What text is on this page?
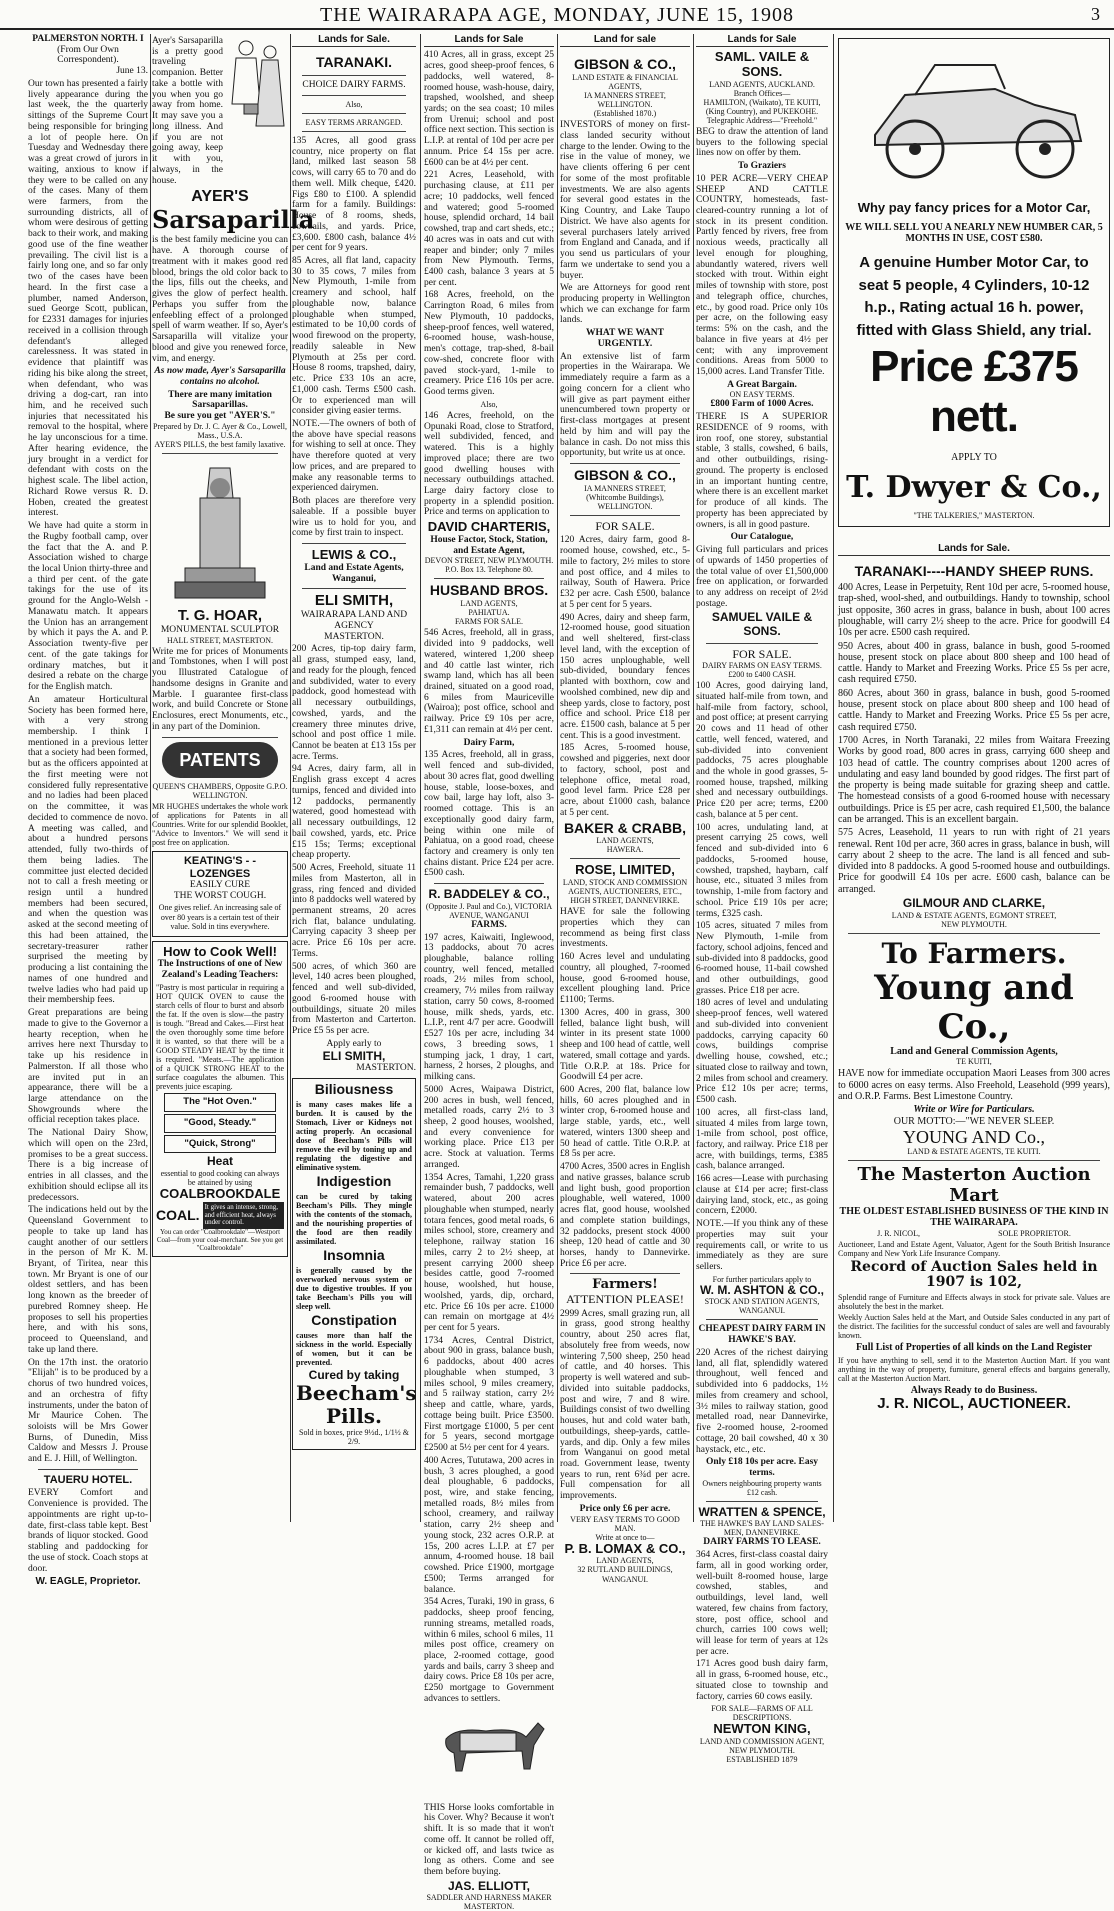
THE WAIRARAPA AGE, MONDAY, JUNE 15, 1908	3
PALMERSTON NORTH. I
(From Our Own Correspondent).
June 13.

Our town has presented a fairly lively appearance during the last week, the the quarterly sittings of the Supreme Court being responsible for bringing a lot of people here. On Tuesday and Wednesday there was a great crowd of jurors in waiting, anxious to know if they were to be called on any of the cases. Many of them were farmers, from the surrounding districts, all of whom were desirous of getting back to their work, and making good use of the fine weather prevailing. The civil list is a fairly long one, and so far only two of the cases have been heard. In the first case a plumber, named Anderson, sued George Scott, publican, for £2331 damages for injuries received in a collision through defendant's alleged carelessness. It was stated in evidence that plaintiff was riding his bike along the street, when defendant, who was driving a dog-cart, ran into him, and he received such injuries that necessitated his removal to the hospital, where he lay unconscious for a time. After hearing evidence, the jury brought in a verdict for defendant with costs on the highest scale. The libel action, Richard Rowe versus R. D. Hoben, created the greatest interest.

We have had quite a storm in the Rugby football camp, over the fact that the A. and P. Association wished to charge the local Union thirty-three and a third per cent. of the gate takings for the use of its ground for the Anglo-Welsh - Manawatu match. It appears the Union has an arrangement by which it pays the A. and P. Association twenty-five per cent. of the gate takings for ordinary matches, but it desired a rebate on the charge for the English match.

An amateur Horticultural Society has been formed here, with a very strong membership. I think I mentioned in a previous letter that a society had been formed, but as the officers appointed at the first meeting were not considered fully representative and no ladies had been placed on the committee, it was decided to commence de novo. A meeting was called, and about a hundred persons attended, fully two-thirds of them being ladies. The committee just elected decided not to call a fresh meeting or resign until a hundred members had been secured, and when the question was asked at the second meeting of this had been attained, the secretary-treasurer rather surprised the meeting by producing a list containing the names of one hundred and twelve ladies who had paid up their membership fees.

Great preparations are being made to give to the Governor a hearty reception, when he arrives here next Thursday to take up his residence in Palmerston. If all those who are invited put in an appearance, there will be a large attendance on the Showgrounds where the official reception takes place.

The National Dairy Show, which will open on the 23rd, promises to be a great success. There is a big increase of entries in all classes, and the exhibition should eclipse all its predecessors.

The indications held out by the Queensland Government to people to take up land has caught another of our settlers in the person of Mr K. M. Bryant, of Tiritea, near this town. Mr Bryant is one of our oldest settlers, and has been long known as the breeder of purebred Romney sheep. He proposes to sell his properties here, and with his sons, proceed to Queensland, and take up land there.

On the 17th inst. the oratorio "Elijah" is to be produced by a chorus of two hundred voices, and an orchestra of fifty instruments, under the baton of Mr Maurice Cohen. The soloists will be Mrs Gower Burns, of Dunedin, Miss Caldow and Messrs J. Prouse and E. J. Hill, of Wellington.

TAUERU HOTEL.

EVERY Comfort and Convenience is provided. The appointments are right up-to-date, first-class table kept. Best brands of liquor stocked. Good stabling and paddocking for the use of stock. Coach stops at door.

W. EAGLE, Proprietor.

Ayer's Sarsaparilla is a pretty good traveling companion. Better take a bottle with you when you go away from home. It may save you a long illness. And if you are not going away, keep it with you, always, in the house.

AYER'S
Sarsaparilla

is the best family medicine you can have. A thorough course of treatment with it makes good red blood, brings the old color back to the lips, fills out the cheeks, and gives the glow of perfect health. Perhaps you suffer from the enfeebling effect of a prolonged spell of warm weather. If so, Ayer's Sarsaparilla will vitalize your blood and give you renewed force, vim, and energy.

As now made, Ayer's Sarsaparilla contains no alcohol.

There are many imitation Sarsaparillas.
Be sure you get "AYER'S."
Prepared by Dr. J. C. Ayer & Co., Lowell, Mass., U.S.A.
AYER'S PILLS, the best family laxative.
T. G. HOAR,
MONUMENTAL SCULPTOR
HALL STREET, MASTERTON.

Write me for prices of Monuments and Tombstones, when I will post you Illustrated Catalogue of handsome designs in Granite and Marble. I guarantee first-class work, and build Concrete or Stone Enclosures, erect Monuments, etc., in any part of the Dominion.

PATENTS
QUEEN'S CHAMBERS, Opposite G.P.O. WELLINGTON.

MR HUGHES undertakes the whole work of applications for Patents in all Countries. Write for our splendid Booklet, "Advice to Inventors." We will send it post free on application.

KEATING'S - - LOZENGES
EASILY CURE
THE WORST COUGH.

One gives relief. An increasing sale of over 80 years is a certain test of their value. Sold in tins everywhere.

How to Cook Well!
The Instructions of one of New Zealand's Leading Teachers:

"Pastry is most particular in requiring a HOT QUICK OVEN to cause the starch cells of flour to burst and absorb the fat. If the oven is slow—the pastry is tough. "Bread and Cakes.—First heat the oven thoroughly some time before it is wanted, so that there will be a GOOD STEADY HEAT by the time it is required. "Meats.—The application of a QUICK STRONG HEAT to the surface coagulates the albumen. This prevents juice escaping.

The "Hot Oven."
"Good, Steady."
"Quick, Strong"
Heat
essential to good cooking can always be attained by using
COALBROOKDALE
COAL. It gives an intense, strong, and efficient heat, always under control.
You can order "Coalbrookdale"—Westport Coal—from your coal-merchant. See you get "Coalbrookdale"
Lands for Sale.
TARANAKI.
CHOICE DAIRY FARMS.
Also,
EASY TERMS ARRANGED.

135 Acres, all good grass country, nice property on flat land, milked last season 58 cows, will carry 65 to 70 and do them well. Milk cheque, £420. Figs £80 to £100. A splendid farm for a family. Buildings: House of 8 rooms, sheds, cowbails, and yards. Price, £3,600. £800 cash, balance 4½ per cent for 9 years.

85 Acres, all flat land, capacity 30 to 35 cows, 7 miles from New Plymouth, 1-mile from creamery and school, half ploughable now, balance ploughable when stumped, estimated to be 10,00 cords of wood firewood on the property, readily saleable in New Plymouth at 25s per cord. House 8 rooms, trapshed, dairy, etc. Price £33 10s an acre, £1,000 cash. Terms £500 cash. Or to experienced man will consider giving easier terms.

NOTE.—The owners of both of the above have special reasons for wishing to sell at once. They have therefore quoted at very low prices, and are prepared to make any reasonable terms to experienced dairymen.

Both places are therefore very saleable. If a possible buyer wire us to hold for you, and come by first train to inspect.

LEWIS & CO.,
Land and Estate Agents,
Wanganui,
ELI SMITH,
WAIRARAPA LAND AND AGENCY
MASTERTON.

200 Acres, tip-top dairy farm, all grass, stumped easy, land, and ready for the plough, fenced and subdivided, water to every paddock, good homestead with all necessary outbuildings, cowshed, yards, and the creamery three minutes drive, school and post office 1 mile. Cannot be beaten at £13 15s per acre. Terms.

94 Acres, dairy farm, all in English grass except 4 acres turnips, fenced and divided into 12 paddocks, permanently watered, good homestead with all necessary outbuildings, 12 bail cowshed, yards, etc. Price £15 15s; Terms; exceptional cheap property.

500 Acres, Freehold, situate 11 miles from Masterton, all in grass, ring fenced and divided into 8 paddocks well watered by permanent streams, 20 acres rich flat, balance undulating. Carrying capacity 3 sheep per acre. Price £6 10s per acre. Terms.

500 acres, of which 360 are level, 140 acres been ploughed, fenced and well sub-divided, good 6-roomed house with outbuildings, situate 20 miles from Masterton and Carterton. Price £5 5s per acre.

Apply early to
ELI SMITH,
MASTERTON.
Biliousness

is many cases makes life a burden. It is caused by the Stomach, Liver or Kidneys not acting properly. An occasional dose of Beecham's Pills will remove the evil by toning up and regulating the digestive and eliminative system.

Indigestion

can be cured by taking Beecham's Pills. They mingle with the contents of the stomach, and the nourishing properties of the food are then readily assimilated.

Insomnia

is generally caused by the overworked nervous system or due to digestive troubles. If you take Beecham's Pills you will sleep well.

Constipation

causes more than half the sickness in the world. Especially of women, but it can be prevented.

Cured by taking
Beecham's
Pills.
Sold in boxes, price 9½d., 1/1½ & 2/9.
Lands for Sale

410 Acres, all in grass, except 25 acres, good sheep-proof fences, 6 paddocks, well watered, 8-roomed house, wash-house, dairy, trapshed, woolshed, and sheep yards; on the sea coast; 10 miles from Urenui; school and post office next section. This section is L.I.P. at rental of 10d per acre per annum. Price £4 15s per acre. £600 can be at 4½ per cent.

221 Acres, Leasehold, with purchasing clause, at £11 per acre; 10 paddocks, well fenced and watered; good 5-roomed house, splendid orchard, 14 bail cowshed, trap and cart sheds, etc.; 40 acres was in oats and cut with reaper and binder; only 7 miles from New Plymouth. Terms, £400 cash, balance 3 years at 5 per cent.

168 Acres, freehold, on the Carrington Road, 6 miles from New Plymouth, 10 paddocks, sheep-proof fences, well watered, 6-roomed house, wash-house, men's cottage, trap-shed, 8-bail cow-shed, concrete floor with paved stock-yard, 1-mile to creamery. Price £16 10s per acre. Good terms given.

Also,

146 Acres, freehold, on the Opunaki Road, close to Stratford, well subdivided, fenced, and watered. This is a highly improved place; there are two good dwelling houses with necessary outbuildings attached. Large dairy factory close to property in a splendid position. Price and terms on application to

DAVID CHARTERIS,
House Factor, Stock, Station, and Estate Agent,
DEVON STREET, NEW PLYMOUTH.
P.O. Box 13. Telephone 80.
HUSBAND BROS.
LAND AGENTS,
PAHIATUA.
FARMS FOR SALE.

546 Acres, freehold, all in grass, divided into 9 paddocks, well watered, wintered 1,200 sheep and 40 cattle last winter, rich swamp land, which has all been drained, situated on a good road, 6 miles from Mauriceville (Wairoa); post office, school and railway. Price £9 10s per acre, £1,311 can remain at 4½ per cent.

Dairy Farm,

135 Acres, freehold, all in grass, well fenced and sub-divided, about 30 acres flat, good dwelling house, stable, loose-boxes, and cow bail, large hay loft, also 3-roomed cottage. This is an exceptionally good dairy farm, being within one mile of Pahiatua, on a good road, cheese factory and creamery is only ten chains distant. Price £24 per acre. £500 cash.

R. BADDELEY & CO.,
(Opposite J. Paul and Co.), VICTORIA AVENUE, WANGANUI
FARMS.

197 acres, Kaiwaiti, Inglewood, 13 paddocks, about 70 acres ploughable, balance rolling country, well fenced, metalled roads, 2½ miles from school, creamery, 7½ miles from railway station, carry 50 cows, 8-roomed house, milk sheds, yards, etc. L.I.P., rent 4/7 per acre. Goodwill £527 10s per acre, including 34 cows, 3 breeding sows, 1 stumping jack, 1 dray, 1 cart, harness, 2 horses, 2 ploughs, and milking cans.

5000 Acres, Waipawa District, 200 acres in bush, well fenced, metalled roads, carry 2½ to 3 sheep, 2 good houses, woolshed, and every convenience for working place. Price £13 per acre. Stock at valuation. Terms arranged.

1354 Acres, Tamahi, 1,220 grass remainder bush, 7 paddocks, well watered, about 200 acres ploughable when stumped, nearly totara fences, good metal roads, 6 miles school, store, creamery and telephone, railway station 16 miles, carry 2 to 2½ sheep, at present carrying 2000 sheep besides cattle, good 7-roomed house, woolshed, hut house, woolshed, yards, dip, orchard, etc. Price £6 10s per acre. £1000 can remain on mortgage at 4½ per cent for 5 years.

1734 Acres, Central District, about 900 in grass, balance bush, 6 paddocks, about 400 acres ploughable when stumped, 3 miles school, 9 miles creamery, and 5 railway station, carry 2½ sheep and cattle, whare, yards, cottage being built. Price £3500. First mortgage £1000, 5 per cent for 5 years, second mortgage £2500 at 5½ per cent for 4 years.

400 Acres, Tututawa, 200 acres in bush, 3 acres ploughed, a good deal ploughable, 6 paddocks, post, wire, and stake fencing, metalled roads, 8½ miles from school, creamery, and railway station, carry 2½ sheep and young stock, 232 acres O.R.P. at 15s, 200 acres L.I.P. at £7 per annum, 4-roomed house. 18 bail cowshed. Price £1900, mortgage £500; Terms arranged for balance.

354 Acres, Turaki, 190 in grass, 6 paddocks, sheep proof fencing, running streams, metalled roads, within 6 miles, school 6 miles, 11 miles post office, creamery on place, 2-roomed cottage, good yards and bails, carry 3 sheep and dairy cows. Price £8 10s per acre, £250 mortgage to Government advances to settlers.

THIS Horse looks comfortable in his Cover. Why? Because it won't shift. It is so made that it won't come off. It cannot be rolled off, or kicked off, and lasts twice as long as others. Come and see them before buying.

JAS. ELLIOTT,
SADDLER AND HARNESS MAKER
MASTERTON.
Land for sale
GIBSON & CO.,
LAND ESTATE & FINANCIAL AGENTS,
IA MANNERS STREET, WELLINGTON.
(Established 1870.)

INVESTORS of money on first-class landed security without charge to the lender. Owing to the rise in the value of money, we have clients offering 6 per cent for some of the most profitable investments. We are also agents for several good estates in the King Country, and Lake Taupo District. We have also agents for several purchasers lately arrived from England and Canada, and if you send us particulars of your farm we undertake to send you a buyer.

We are Attorneys for good rent producing property in Wellington which we can exchange for farm lands.

WHAT WE WANT URGENTLY.

An extensive list of farm properties in the Wairarapa. We immediately require a farm as a going concern for a client who will give as part payment either unencumbered town property or first-class mortgages at present held by him and will pay the balance in cash. Do not miss this opportunity, but write us at once.

GIBSON & CO.,
IA MANNERS STREET,
(Whitcombe Buildings),
WELLINGTON.
FOR SALE.

120 Acres, dairy farm, good 8-roomed house, cowshed, etc., 5-mile to factory, 2½ miles to store and post office, and 4 miles to railway, South of Hawera. Price £32 per acre. Cash £500, balance at 5 per cent for 5 years.

490 Acres, dairy and sheep farm, 12-roomed house, good situation and well sheltered, first-class level land, with the exception of 150 acres unploughable, well sub-divided, boundary fences planted with boxthorn, cow and woolshed combined, new dip and sheep yards, close to factory, post office and school. Price £18 per acre. £1500 cash, balance at 5 per cent. This is a good investment.

185 Acres, 5-roomed house, cowshed and piggeries, next door to factory, school, post and telephone office, metal road, good level farm. Price £28 per acre, about £1000 cash, balance at 5 per cent.

BAKER & CRABB,
LAND AGENTS,
HAWERA.
ROSE, LIMITED,
LAND, STOCK AND COMMISSION AGENTS, AUCTIONEERS, ETC.,
HIGH STREET, DANNEVIRKE.

HAVE for sale the following properties which they can recommend as being first class investments.

160 Acres level and undulating country, all ploughed, 7-roomed house, good 6-roomed house, excellent ploughing land. Price £1100; Terms.

1300 Acres, 400 in grass, 300 felled, balance light bush, will winter in its present state 1000 sheep and 100 head of cattle, well watered, small cottage and yards. Title O.R.P. at 18s. Price for Goodwill £4 per acre.

600 Acres, 200 flat, balance low hills, 60 acres ploughed and in winter crop, 6-roomed house and large stable, yards, etc., well watered, winters 1300 sheep and 50 head of cattle. Title O.R.P. at £8 5s per acre.

4700 Acres, 3500 acres in English and native grasses, balance scrub and light bush, good proportion ploughable, well watered, 1000 acres flat, good house, woolshed and complete station buildings, 32 paddocks, present stock 4000 sheep, 120 head of cattle and 30 horses, handy to Dannevirke. Price £6 per acre.

Farmers!
ATTENTION PLEASE!

2999 Acres, small grazing run, all in grass, good strong healthy country, about 250 acres flat, absolutely free from weeds, now wintering 7,500 sheep, 250 head of cattle, and 40 horses. This property is well watered and sub-divided into suitable paddocks, post and wire, 7 and 8 wire. Buildings consist of two dwelling houses, hut and cold water bath, outbuildings, sheep-yards, cattle-yards, and dip. Only a few miles from Wanganui on good metal road. Government lease, twenty years to run, rent 6¾d per acre. Full compensation for all improvements.

Price only £6 per acre.
VERY EASY TERMS TO GOOD MAN.
Write at once to—
P. B. LOMAX & CO.,
LAND AGENTS,
32 RUTLAND BUILDINGS, WANGANUI.
Lands for Sale
SAML. VAILE & SONS.
LAND AGENTS, AUCKLAND.
Branch Offices—
HAMILTON, (Waikato), TE KUITI, (King Country), and PUKEKOHE.
Telegraphic Address—"Freehold."

BEG to draw the attention of land buyers to the following special lines now on offer by them.

To Graziers

10 PER ACRE—VERY CHEAP SHEEP AND CATTLE COUNTRY, homesteads, fast-cleared-country running a lot of stock in its present condition. Partly fenced by rivers, free from noxious weeds, practically all level enough for ploughing, abundantly watered, rivers well stocked with trout. Within eight miles of township with store, post and telegraph office, churches, etc., by good road. Price only 10s per acre, on the following easy terms: 5% on the cash, and the balance in five years at 4½ per cent; with any improvement conditions. Areas from 5000 to 15,000 acres. Land Transfer Title.

A Great Bargain.
ON EASY TERMS.
£800 Farm of 1000 Acres.

THERE IS A SUPERIOR RESIDENCE of 9 rooms, with iron roof, one storey, substantial stable, 3 stalls, cowshed, 6 bails, and other outbuildings, rising-ground. The property is enclosed in an important hunting centre, where there is an excellent market for produce of all kinds. The property has been appreciated by owners, is all in good pasture.

Our Catalogue,

Giving full particulars and prices of upwards of 1450 properties of the total value of over £1,500,000 free on application, or forwarded to any address on receipt of 2½d postage.

SAMUEL VAILE & SONS.
FOR SALE.
DAIRY FARMS ON EASY TERMS. £200 to £400 CASH.

100 Acres, good dairying land, situated half-mile from town, and half-mile from factory, school, and post office; at present carrying 20 cows and 11 head of other cattle, well fenced, watered, and sub-divided into convenient paddocks, 75 acres ploughable and the whole in good grasses, 5-roomed house, trapshed, milking shed and necessary outbuildings. Price £20 per acre; terms, £200 cash, balance at 5 per cent.

100 acres, undulating land, at present carrying 25 cows, well fenced and sub-divided into 6 paddocks, 5-roomed house, cowshed, trapshed, haybarn, calf house, etc., situated 3 miles from township, 1-mile from factory and school. Price £19 10s per acre; terms, £325 cash.

105 acres, situated 7 miles from New Plymouth, 1-mile from factory, school adjoins, fenced and sub-divided into 8 paddocks, good 6-roomed house, 11-bail cowshed and other outbuildings, good grasses. Price £18 per acre.

180 acres of level and undulating sheep-proof fences, well watered and sub-divided into convenient paddocks, carrying capacity 60 cows, buildings comprise dwelling house, cowshed, etc.; situated close to railway and town, 2 miles from school and creamery. Price £12 10s per acre; terms, £500 cash.

100 acres, all first-class land, situated 4 miles from large town, 1-mile from school, post office, factory, and railway. Price £18 per acre, with buildings, terms, £385 cash, balance arranged.

166 acres—Lease with purchasing clause at £14 per acre; first-class dairying land, stock, etc., as going concern, £2000.

NOTE.—If you think any of these properties may suit your requirements call, or write to us immediately as they are sure sellers.

For further particulars apply to
W. M. ASHTON & CO.,
STOCK AND STATION AGENTS,
WANGANUI.
CHEAPEST DAIRY FARM IN HAWKE'S BAY.

220 Acres of the richest dairying land, all flat, splendidly watered throughout, well fenced and subdivided into 6 paddocks, 1½ miles from creamery and school, 3½ miles to railway station, good metalled road, near Dannevirke, five 2-roomed house, 2-roomed cottage, 20 bail cowshed, 40 x 30 haystack, etc., etc.

Only £18 10s per acre. Easy terms.
Owners neighbouring property wants £12 cash.
WRATTEN & SPENCE,
THE HAWKE'S BAY LAND SALES-MEN, DANNEVIRKE.
DAIRY FARMS TO LEASE.

364 Acres, first-class coastal dairy farm, all in good working order, well-built 8-roomed house, large cowshed, stables, and outbuildings, level land, well watered, few chains from factory, store, post office, school and church, carries 100 cows well; will lease for term of years at 12s per acre.

171 Acres good bush dairy farm, all in grass, 6-roomed house, etc., situated close to township and factory, carries 60 cows easily.

FOR SALE—FARMS OF ALL DESCRIPTIONS.
NEWTON KING,
LAND AND COMMISSION AGENT,
NEW PLYMOUTH.
ESTABLISHED 1879
Why pay fancy prices for a Motor Car,
WE WILL SELL YOU A NEARLY NEW HUMBER CAR, 5 MONTHS IN USE, COST £580.
A genuine Humber Motor Car, to seat 5 people, 4 Cylinders, 10-12 h.p., Rating actual 16 h. power, fitted with Glass Shield, any trial.
Price £375 nett.
APPLY TO
T. Dwyer & Co.,
"THE TALKERIES," MASTERTON.
Lands for Sale.
TARANAKI----HANDY SHEEP RUNS.

400 Acres, Lease in Perpetuity, Rent 10d per acre, 5-roomed house, trap-shed, wool-shed, and outbuildings. Handy to township, school just opposite, 360 acres in grass, balance in bush, about 100 acres ploughable, will carry 2½ sheep to the acre. Price for goodwill £4 10s per acre. £500 cash required.

950 Acres, about 400 in grass, balance in bush, good 5-roomed house, present stock on place about 800 sheep and 100 head of cattle. Handy to Market and Freezing Works. Price £5 5s per acre, cash required £750.

860 Acres, about 360 in grass, balance in bush, good 5-roomed house, present stock on place about 800 sheep and 100 head of cattle. Handy to Market and Freezing Works. Price £5 5s per acre, cash required £750.

1700 Acres, in North Taranaki, 22 miles from Waitara Freezing Works by good road, 800 acres in grass, carrying 600 sheep and 103 head of cattle. The country comprises about 1200 acres of undulating and easy land bounded by good ridges. The first part of the property is being made suitable for grazing sheep and cattle. The homestead consists of a good 6-roomed house with necessary outbuildings. Price is £5 per acre, cash required £1,500, the balance can be arranged. This is an excellent bargain.

575 Acres, Leasehold, 11 years to run with right of 21 years renewal. Rent 10d per acre, 360 acres in grass, balance in bush, will carry about 2 sheep to the acre. The land is all fenced and sub-divided into 8 paddocks. A good 5-roomed house and outbuildings. Price for goodwill £4 10s per acre. £600 cash, balance can be arranged.

GILMOUR AND CLARKE,
LAND & ESTATE AGENTS, EGMONT STREET,
NEW PLYMOUTH.
To Farmers.
Young and Co.,
Land and General Commission Agents,
TE KUITI,

HAVE now for immediate occupation Maori Leases from 300 acres to 6000 acres on easy terms. Also Freehold, Leasehold (999 years), and O.R.P. Farms. Best Limestone Country.

Write or Wire for Particulars.
OUR MOTTO:—"WE NEVER SLEEP.
YOUNG AND Co.,
LAND & ESTATE AGENTS, TE KUITI.
The Masterton Auction Mart
THE OLDEST ESTABLISHED BUSINESS OF THE KIND IN THE WAIRARAPA.
J. R. NICOL,	SOLE PROPRIETOR.

Auctioneer, Land and Estate Agent, Valuator, Agent for the South British Insurance Company and New York Life Insurance Company.

Record of Auction Sales held in 1907 is 102,

Splendid range of Furniture and Effects always in stock for private sale. Values are absolutely the best in the market.

Weekly Auction Sales held at the Mart, and Outside Sales conducted in any part of the district. The facilities for the successful conduct of sales are well and favourably known.

Full List of Properties of all kinds on the Land Register

If you have anything to sell, send it to the Masterton Auction Mart. If you want anything in the way of property, furniture, general effects and bargains generally, call at the Masterton Auction Mart.

Always Ready to do Business.
J. R. NICOL, AUCTIONEER.
